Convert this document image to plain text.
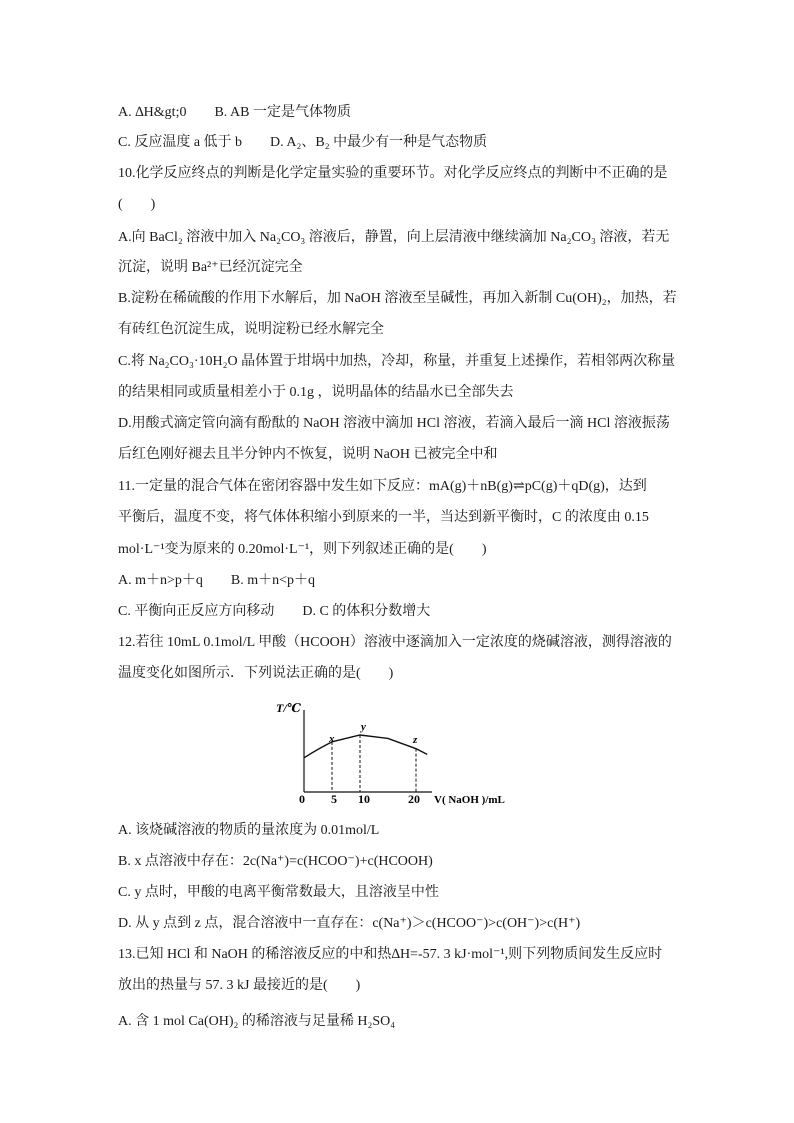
A. ∆H&gt;0　　B. AB 一定是气体物质
C. 反应温度 a 低于 b　　D. A₂、B₂ 中最少有一种是气态物质
10.化学反应终点的判断是化学定量实验的重要环节。对化学反应终点的判断中不正确的是
(　　)
A.向 BaCl₂ 溶液中加入 Na₂CO₃ 溶液后，静置，向上层清液中继续滴加 Na₂CO₃ 溶液，若无
沉淀，说明 Ba²⁺已经沉淀完全
B.淀粉在稀硫酸的作用下水解后，加 NaOH 溶液至呈碱性，再加入新制 Cu(OH)₂，加热，若
有砖红色沉淀生成，说明淀粉已经水解完全
C.将 Na₂CO₃·10H₂O 晶体置于坩埚中加热，冷却，称量，并重复上述操作，若相邻两次称量
的结果相同或质量相差小于 0.1g ，说明晶体的结晶水已全部失去
D.用酸式滴定管向滴有酚酞的 NaOH 溶液中滴加 HCl 溶液，若滴入最后一滴 HCl 溶液振荡
后红色刚好褪去且半分钟内不恢复，说明 NaOH 已被完全中和
11.一定量的混合气体在密闭容器中发生如下反应：mA(g)＋nB(g)⇌pC(g)＋qD(g)，达到
平衡后，温度不变，将气体体积缩小到原来的一半，当达到新平衡时，C 的浓度由 0.15
mol·L⁻¹变为原来的 0.20mol·L⁻¹，则下列叙述正确的是(　　)
A. m＋n>p＋q　　B. m＋n<p＋q
C. 平衡向正反应方向移动　　D. C 的体积分数增大
12.若往 10mL 0.1mol/L 甲酸（HCOOH）溶液中逐滴加入一定浓度的烧碱溶液，测得溶液的
温度变化如图所示．下列说法正确的是(　　)
A. 该烧碱溶液的物质的量浓度为 0.01mol/L
B. x 点溶液中存在：2c(Na⁺)=c(HCOO⁻)+c(HCOOH)
C. y 点时，甲酸的电离平衡常数最大，且溶液呈中性
D. 从 y 点到 z 点，混合溶液中一直存在：c(Na⁺)＞c(HCOO⁻)>c(OH⁻)>c(H⁺)
13.已知 HCl 和 NaOH 的稀溶液反应的中和热∆H=-57. 3 kJ·mol⁻¹,则下列物质间发生反应时
放出的热量与 57. 3 kJ 最接近的是(　　)
A. 含 1 mol Ca(OH)₂ 的稀溶液与足量稀 H₂SO₄
T/℃
V( NaOH )/mL
0 5 10	20
x
y
z
